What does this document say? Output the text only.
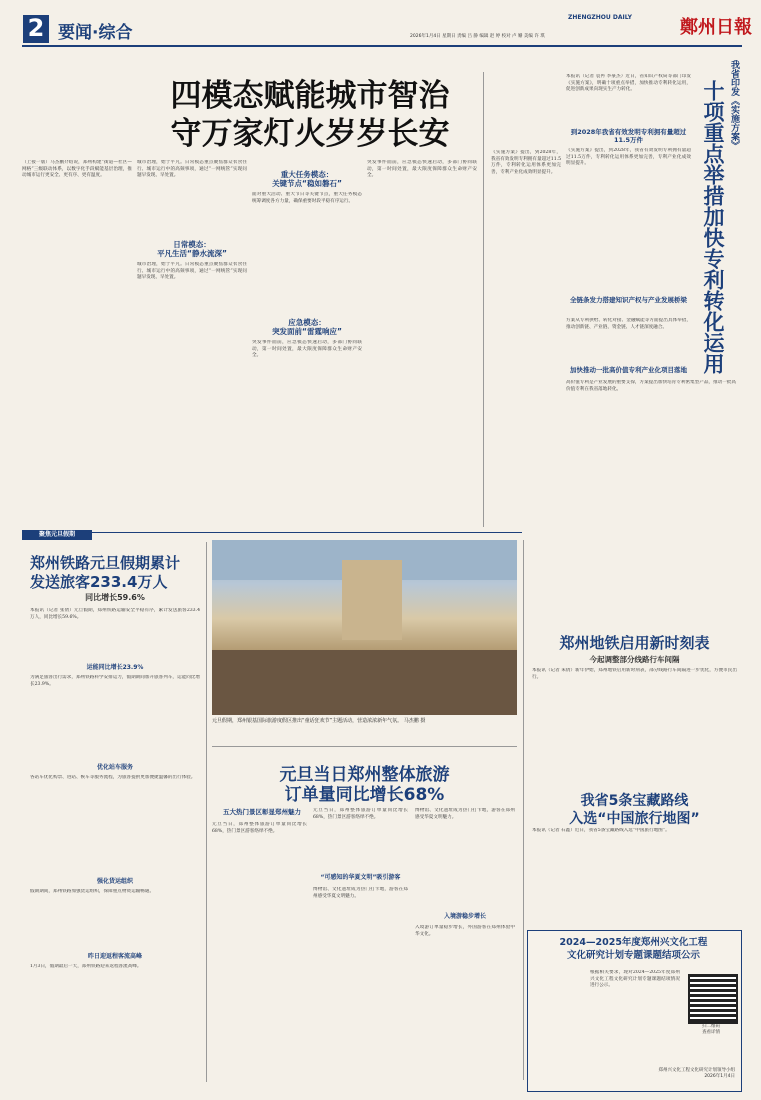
2 要闻·综合	2026年1月4日 星期日 责编 吕 静 编辑 赵 婷 校对 卢 姗 美编 许 琪
ZHENGZHOU DAILY	鄭州日報
四模态赋能城市智治
守万家灯火岁岁长安
（上接一版）马杰鹏介绍说，郑州构建“街道—社区—网格”三级联动体系，以数字化手段赋能基层治理，推动城市运行更安全、更有序、更有温度。
城市治理，始于平凡。日常模态重点聚焦群众衣食住行、城市运行中的高频事项，通过“一网统管”实现问题早发现、早处置。
日常模态：
平凡生活“静水流深”
城市治理，始于平凡。日常模态重点聚焦群众衣食住行、城市运行中的高频事项，通过“一网统管”实现问题早发现、早处置。
重大任务模态：
关键节点“稳如磐石”
面对重大活动、重大节日等关键节点，重大任务模态统筹调度各方力量，确保重要时段平稳有序运行。
应急模态：
突发面前“雷霆响应”
突发事件面前，应急模态快速启动，多部门协同联动，第一时间处置，最大限度保障群众生命财产安全。
突发事件面前，应急模态快速启动，多部门协同联动，第一时间处置，最大限度保障群众生命财产安全。
我省印发《实施方案》
十项重点举措加快专利转化运用
本报讯（记者 袁冉 李豪杰）近日，省知识产权局等部门印发《实施方案》，明确十项重点举措，加快推动专利转化运用，促进创新成果向现实生产力转化。
到2028年我省有效发明专利拥有量超过11.5万件
《实施方案》提出，到2028年，我省有效发明专利拥有量超过11.5万件，专利转化运用体系更加完善，专利产业化成效明显提升。
《实施方案》提出，到2028年，我省有效发明专利拥有量超过11.5万件，专利转化运用体系更加完善，专利产业化成效明显提升。
全链条发力搭建知识产权与产业发展桥梁
方案从专利供给、转化对接、金融赋能等方面提出具体举措，推动创新链、产业链、资金链、人才链深度融合。
加快推动一批高价值专利产业化项目落地
高价值专利是产业发展的重要支撑，方案提出加快培育专利密集型产品，推动一批高价值专利在我省落地转化。
聚焦元旦假期
郑州铁路元旦假期累计
发送旅客233.4万人
同比增长59.6%
本报讯（记者 张倩）元旦假期，郑州铁路运输安全平稳有序，累计发送旅客233.4万人，同比增长59.6%。
运能同比增长23.9%
为满足旅客出行需求，郑州铁路科学安排运力，假期期间加开旅客列车，运能同比增长23.9%。
优化站车服务
各站车优化购票、进站、候车等服务流程，为旅客提供更加便捷温馨的出行体验。
强化货运组织
假期期间，郑州铁路加强货运组织，保障重点物资运输畅通。
昨日迎返程客流高峰
1月3日，假期最后一天，郑州铁路迎来返程客流高峰。
元旦假期，郑州银基国际旅游度假区推出“童话狂欢节”主题活动，营造浓浓新年气氛。 马杰鹏 摄
郑州地铁启用新时刻表
今起调整部分线路行车间隔
本报讯（记者 朱倩）新年伊始，郑州地铁启用新时刻表，部分线路行车间隔进一步优化，方便市民出行。
我省5条宝藏路线
入选“中国旅行地图”
本报讯（记者 石鑫）近日，我省5条宝藏路线入选“中国旅行地图”。
元旦当日郑州整体旅游
订单量同比增长68%
五大热门景区彰显郑州魅力
元旦当日，郑州整体旅游订单量同比增长68%，热门景区游客络绎不绝。
元旦当日，郑州整体旅游订单量同比增长68%，热门景区游客络绎不绝。
“可感知的华夏文明”吸引游客
博物馆、文化遗址成为热门打卡地，游客在郑州感受华夏文明魅力。
博物馆、文化遗址成为热门打卡地，游客在郑州感受华夏文明魅力。
入境游稳步增长
入境游订单量稳步增长，外国游客在郑州体验中华文化。
2024—2025年度郑州兴文化工程
文化研究计划专题课题结项公示
根据相关要求，现对2024—2025年度郑州兴文化工程文化研究计划专题课题结项情况进行公示。
扫二维码
查看详情
郑州兴文化工程文化研究计划领导小组
2026年1月4日
